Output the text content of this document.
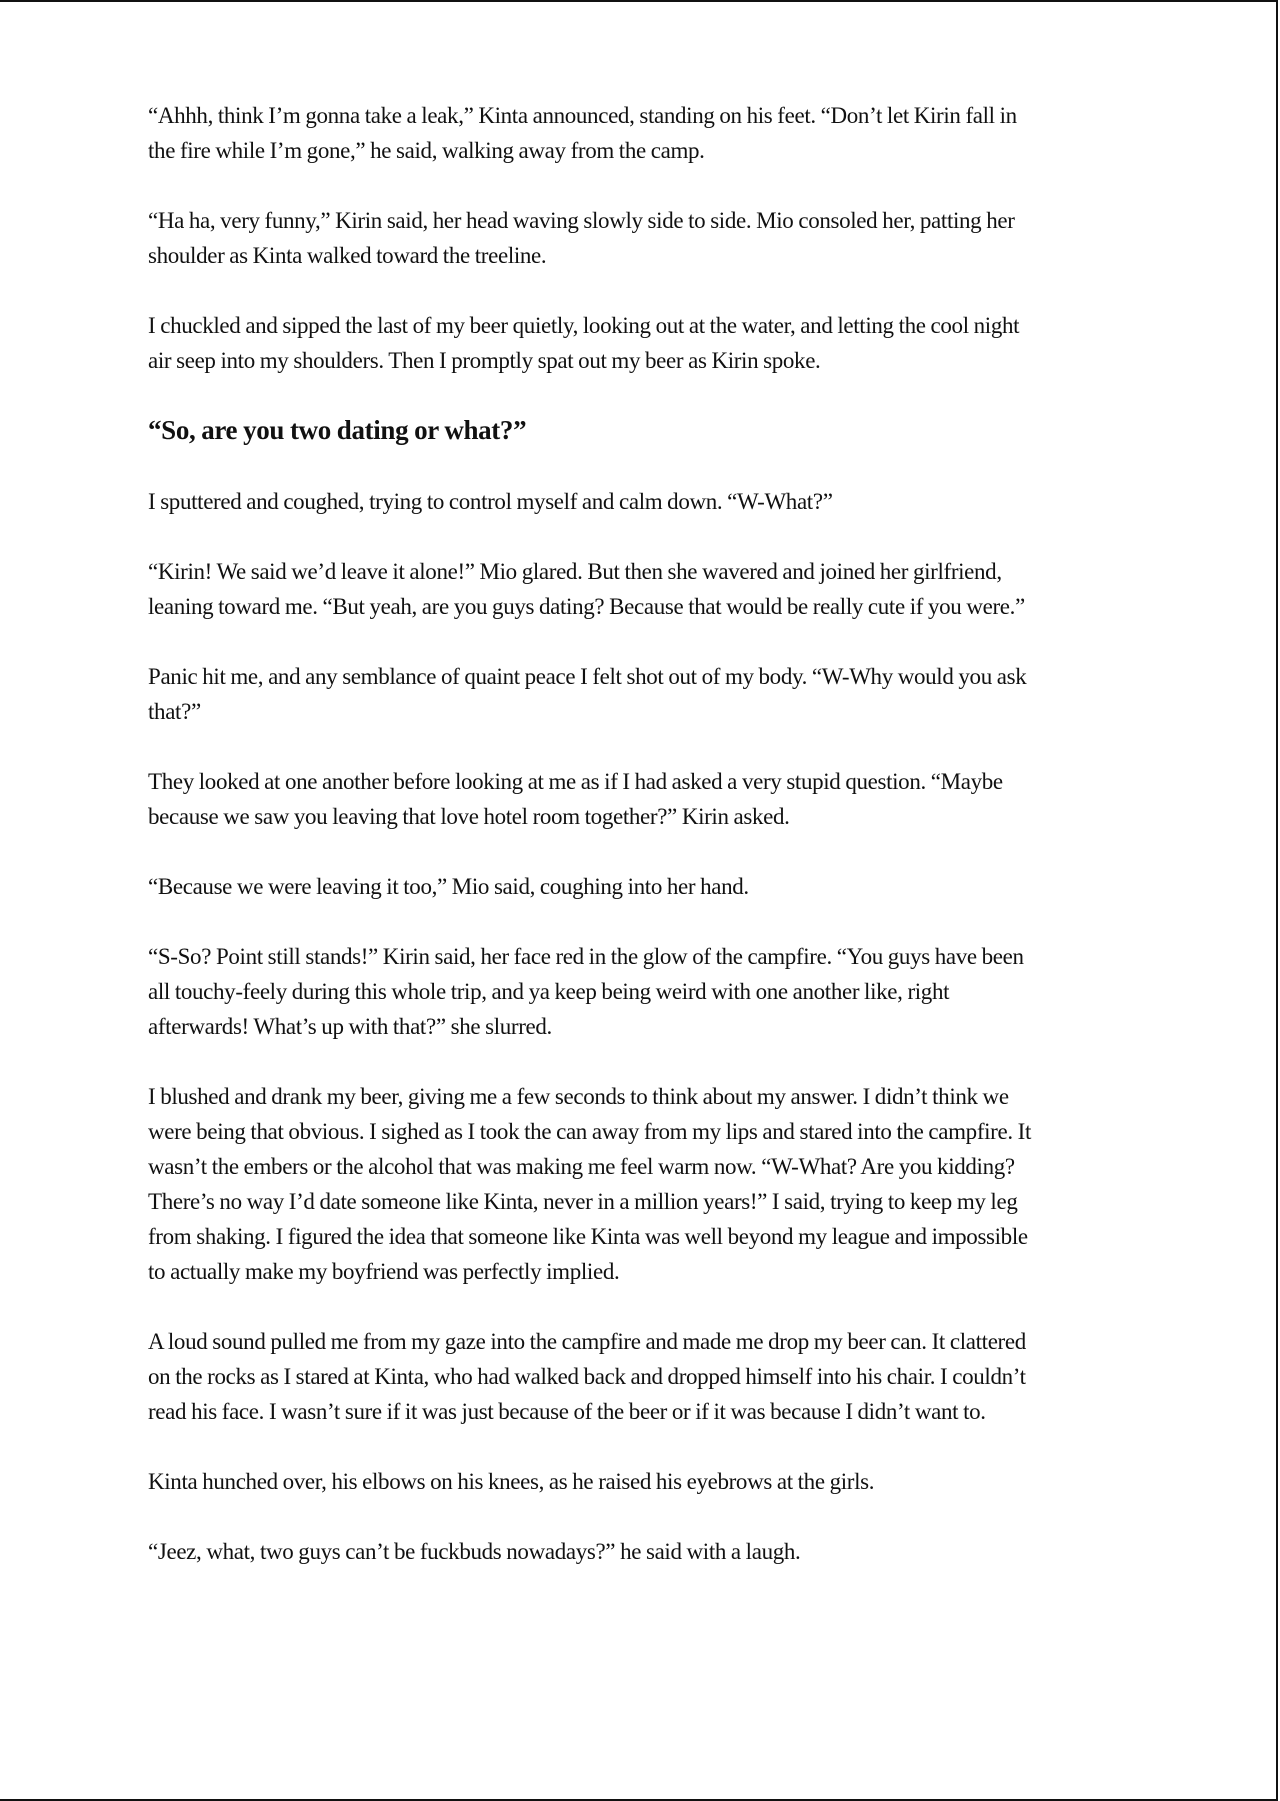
“Ahhh, think I’m gonna take a leak,” Kinta announced, standing on his feet. “Don’t let Kirin fall in
the fire while I’m gone,” he said, walking away from the camp.
“Ha ha, very funny,” Kirin said, her head waving slowly side to side. Mio consoled her, patting her
shoulder as Kinta walked toward the treeline.
I chuckled and sipped the last of my beer quietly, looking out at the water, and letting the cool night
air seep into my shoulders. Then I promptly spat out my beer as Kirin spoke.
“So, are you two dating or what?”
I sputtered and coughed, trying to control myself and calm down. “W-What?”
“Kirin! We said we’d leave it alone!” Mio glared. But then she wavered and joined her girlfriend,
leaning toward me. “But yeah, are you guys dating? Because that would be really cute if you were.”
Panic hit me, and any semblance of quaint peace I felt shot out of my body. “W-Why would you ask
that?”
They looked at one another before looking at me as if I had asked a very stupid question. “Maybe
because we saw you leaving that love hotel room together?” Kirin asked.
“Because we were leaving it too,” Mio said, coughing into her hand.
“S-So? Point still stands!” Kirin said, her face red in the glow of the campfire. “You guys have been
all touchy-feely during this whole trip, and ya keep being weird with one another like, right
afterwards! What’s up with that?” she slurred.
I blushed and drank my beer, giving me a few seconds to think about my answer. I didn’t think we
were being that obvious. I sighed as I took the can away from my lips and stared into the campfire. It
wasn’t the embers or the alcohol that was making me feel warm now. “W-What? Are you kidding?
There’s no way I’d date someone like Kinta, never in a million years!” I said, trying to keep my leg
from shaking. I figured the idea that someone like Kinta was well beyond my league and impossible
to actually make my boyfriend was perfectly implied.
A loud sound pulled me from my gaze into the campfire and made me drop my beer can. It clattered
on the rocks as I stared at Kinta, who had walked back and dropped himself into his chair. I couldn’t
read his face. I wasn’t sure if it was just because of the beer or if it was because I didn’t want to.
Kinta hunched over, his elbows on his knees, as he raised his eyebrows at the girls.
“Jeez, what, two guys can’t be fuckbuds nowadays?” he said with a laugh.
